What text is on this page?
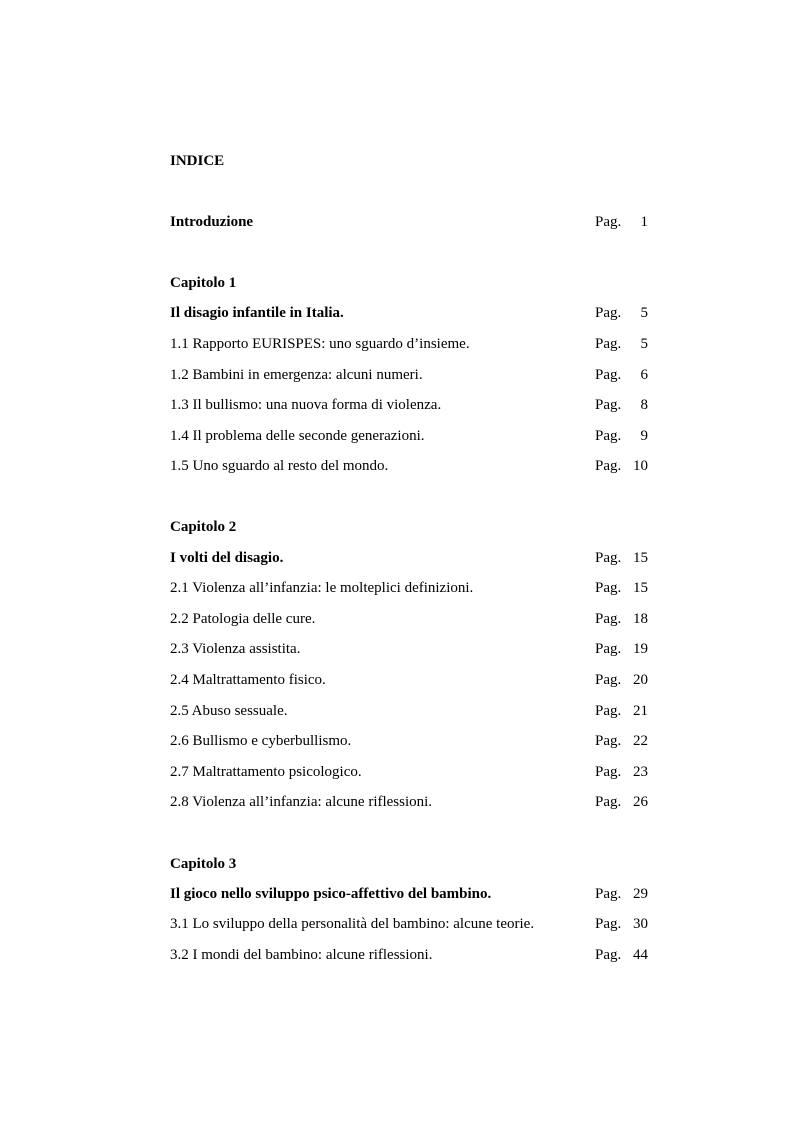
INDICE
Introduzione	Pag. 1
Capitolo 1
Il disagio infantile in Italia.	Pag. 5
1.1 Rapporto EURISPES: uno sguardo d’insieme.	Pag. 5
1.2 Bambini in emergenza: alcuni numeri.	Pag. 6
1.3 Il bullismo: una nuova forma di violenza.	Pag. 8
1.4 Il problema delle seconde generazioni.	Pag. 9
1.5 Uno sguardo al resto del mondo.	Pag. 10
Capitolo 2
I volti del disagio.	Pag. 15
2.1 Violenza all’infanzia: le molteplici definizioni.	Pag. 15
2.2 Patologia delle cure.	Pag. 18
2.3 Violenza assistita.	Pag. 19
2.4 Maltrattamento fisico.	Pag. 20
2.5 Abuso sessuale.	Pag. 21
2.6 Bullismo e cyberbullismo.	Pag. 22
2.7 Maltrattamento psicologico.	Pag. 23
2.8 Violenza all’infanzia: alcune riflessioni.	Pag. 26
Capitolo 3
Il gioco nello sviluppo psico-affettivo del bambino.	Pag. 29
3.1 Lo sviluppo della personalità del bambino: alcune teorie.	Pag. 30
3.2 I mondi del bambino: alcune riflessioni.	Pag. 44
